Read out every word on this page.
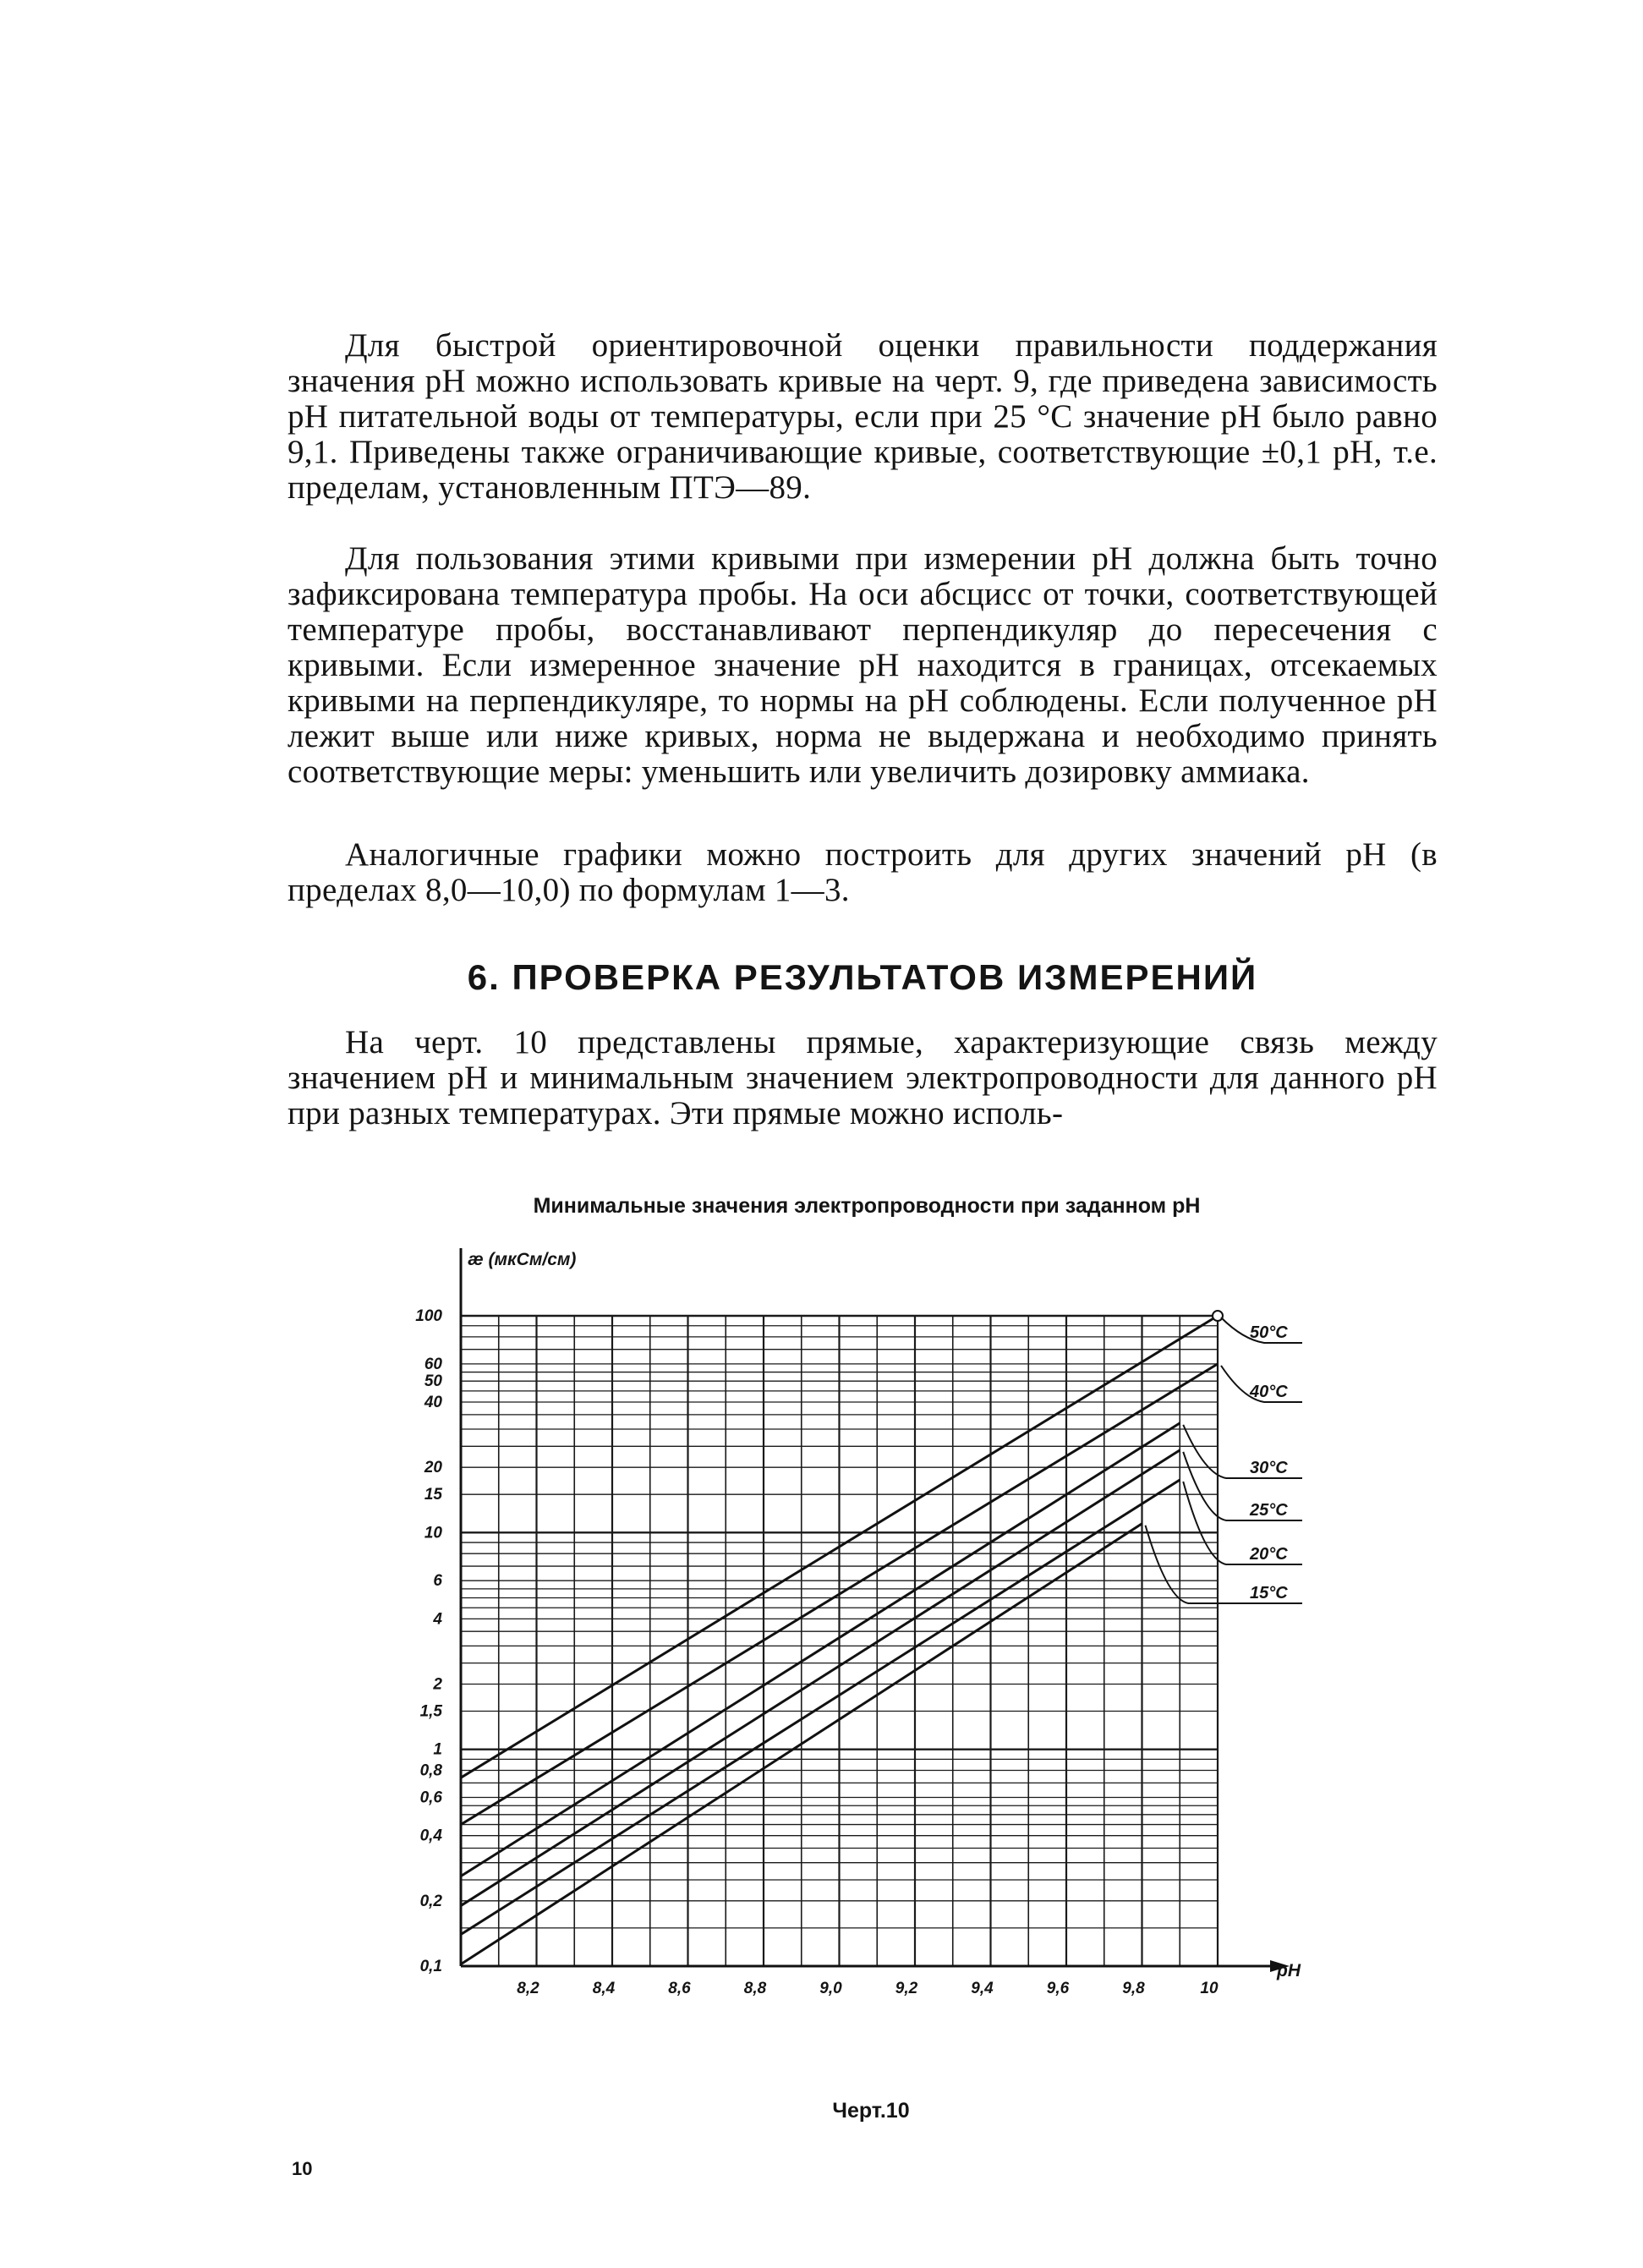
Для быстрой ориентировочной оценки правильности поддержания значения pH можно использовать кривые на черт. 9, где приведена зависимость pH питательной воды от температуры, если при 25 °С значение pH было равно 9,1. Приведены также ограничивающие кривые, соответствующие ±0,1 pH, т.е. пределам, установленным ПТЭ—89.
Для пользования этими кривыми при измерении pH должна быть точно зафиксирована температура пробы. На оси абсцисс от точки, соответствующей температуре пробы, восстанавливают перпендикуляр до пересечения с кривыми. Если измеренное значение pH находится в границах, отсекаемых кривыми на перпендикуляре, то нормы на pH соблюдены. Если полученное pH лежит выше или ниже кривых, норма не выдержана и необходимо принять соответствующие меры: уменьшить или увеличить дозировку аммиака.
Аналогичные графики можно построить для других значений pH (в пределах 8,0—10,0) по формулам 1—3.
6. ПРОВЕРКА РЕЗУЛЬТАТОВ ИЗМЕРЕНИЙ
На черт. 10 представлены прямые, характеризующие связь между значением pH и минимальным значением электропроводности для данного pH при разных температурах. Эти прямые можно исполь-
Минимальные значения электропроводности при заданном pH
æ (мкСм/см)
pH
100
60
50
40
20
15
10
6
4
2
1,5
1
0,8
0,6
0,4
0,2
0,1
8,2	8,4	8,6	8,8	9,0	9,2	9,4	9,6	9,8	10
50°С
40°С
30°С
25°С
20°С
15°С
Черт.10
10
